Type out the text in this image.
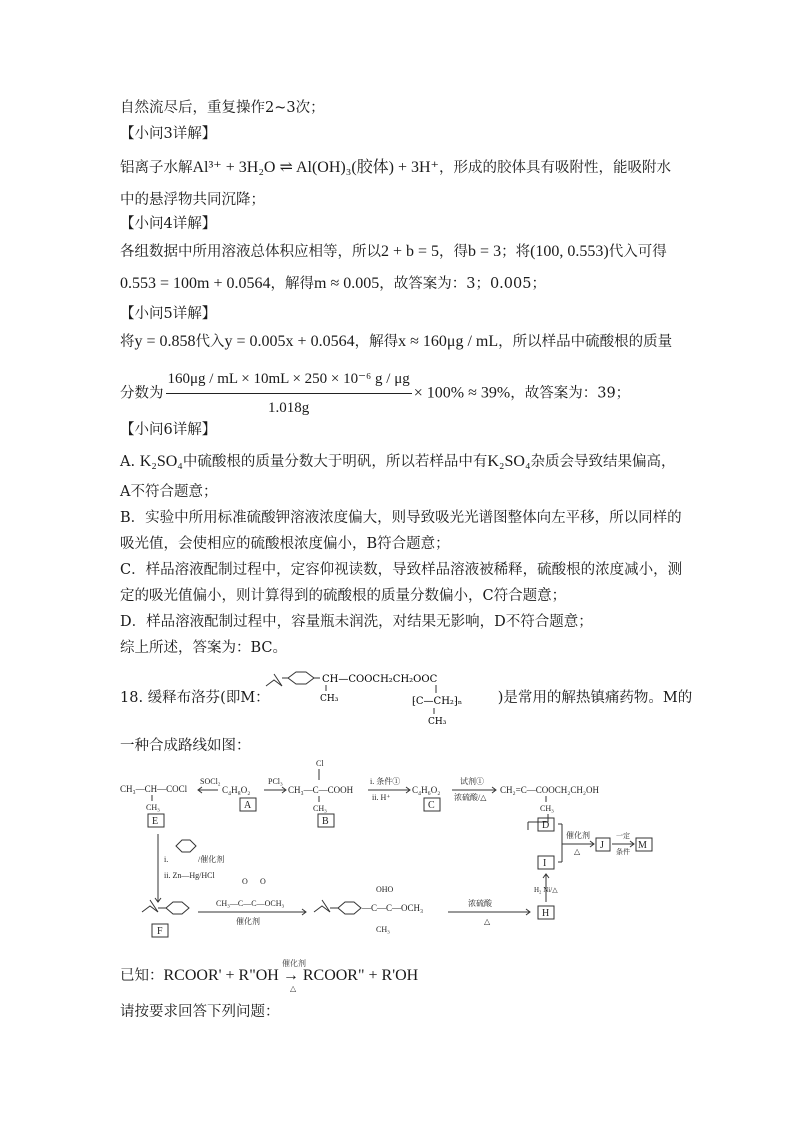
自然流尽后，重复操作2~3次；
【小问3详解】
铝离子水解Al³⁺ + 3H₂O ⇌ Al(OH)₃(胶体) + 3H⁺，形成的胶体具有吸附性，能吸附水
中的悬浮物共同沉降；
【小问4详解】
各组数据中所用溶液总体积应相等，所以2 + b = 5，得b = 3；将(100, 0.553)代入可得
0.553 = 100m + 0.0564，解得m ≈ 0.005，故答案为：3；0.005；
【小问5详解】
将y = 0.858代入y = 0.005x + 0.0564，解得x ≈ 160μg / mL，所以样品中硫酸根的质量
分数为 $\frac{\text{160μg / mL × 10mL × 250 × 10⁻⁶ g / μg}}{1.018g} \times 100\% \approx 39\%$，故答案为：39；
【小问6详解】
A. K₂SO₄中硫酸根的质量分数大于明矾，所以若样品中有K₂SO₄杂质会导致结果偏高，
A不符合题意；
B．实验中所用标准硫酸钾溶液浓度偏大，则导致吸光光谱图整体向左平移，所以同样的
吸光值，会使相应的硫酸根浓度偏小，B符合题意；
C．样品溶液配制过程中，定容仰视读数，导致样品溶液被稀释，硫酸根的浓度减小，测
定的吸光值偏小，则计算得到的硫酸根的质量分数偏小，C符合题意；
D．样品溶液配制过程中，容量瓶未润洗，对结果无影响，D不符合题意；
综上所述，答案为：BC。
18. 缓释布洛芬(即M：	)是常用的解热镇痛药物。M的
CH—COOCH₂CH₂OOC
CH₃	⁅C—CH₂⁆ₙ
CH₃
一种合成路线如图：
CH₃—CH—COCl
CH₃
E
SOCl₂
C₄H₈O₂
A
PCl₃
Cl
CH₃—C—COOH
CH₃
B
i. 条件①
ii. H⁺
C₄H₆O₂
C
试剂①
浓硫酸/△
CH₂=C—COOCH₂CH₂OH
CH₃
D
I
催化剂
△
J
一定
条件
M
i.	/催化剂
ii. Zn—Hg/HCl
F
O O
CH₃—C—C—OCH₃
催化剂
OHO
—C—C—OCH₃
CH₃
浓硫酸
△
H
H₂ Ni/△
已知：RCOOR' + R"OH → RCOOR" + R'OH
催化剂
△
请按要求回答下列问题：
